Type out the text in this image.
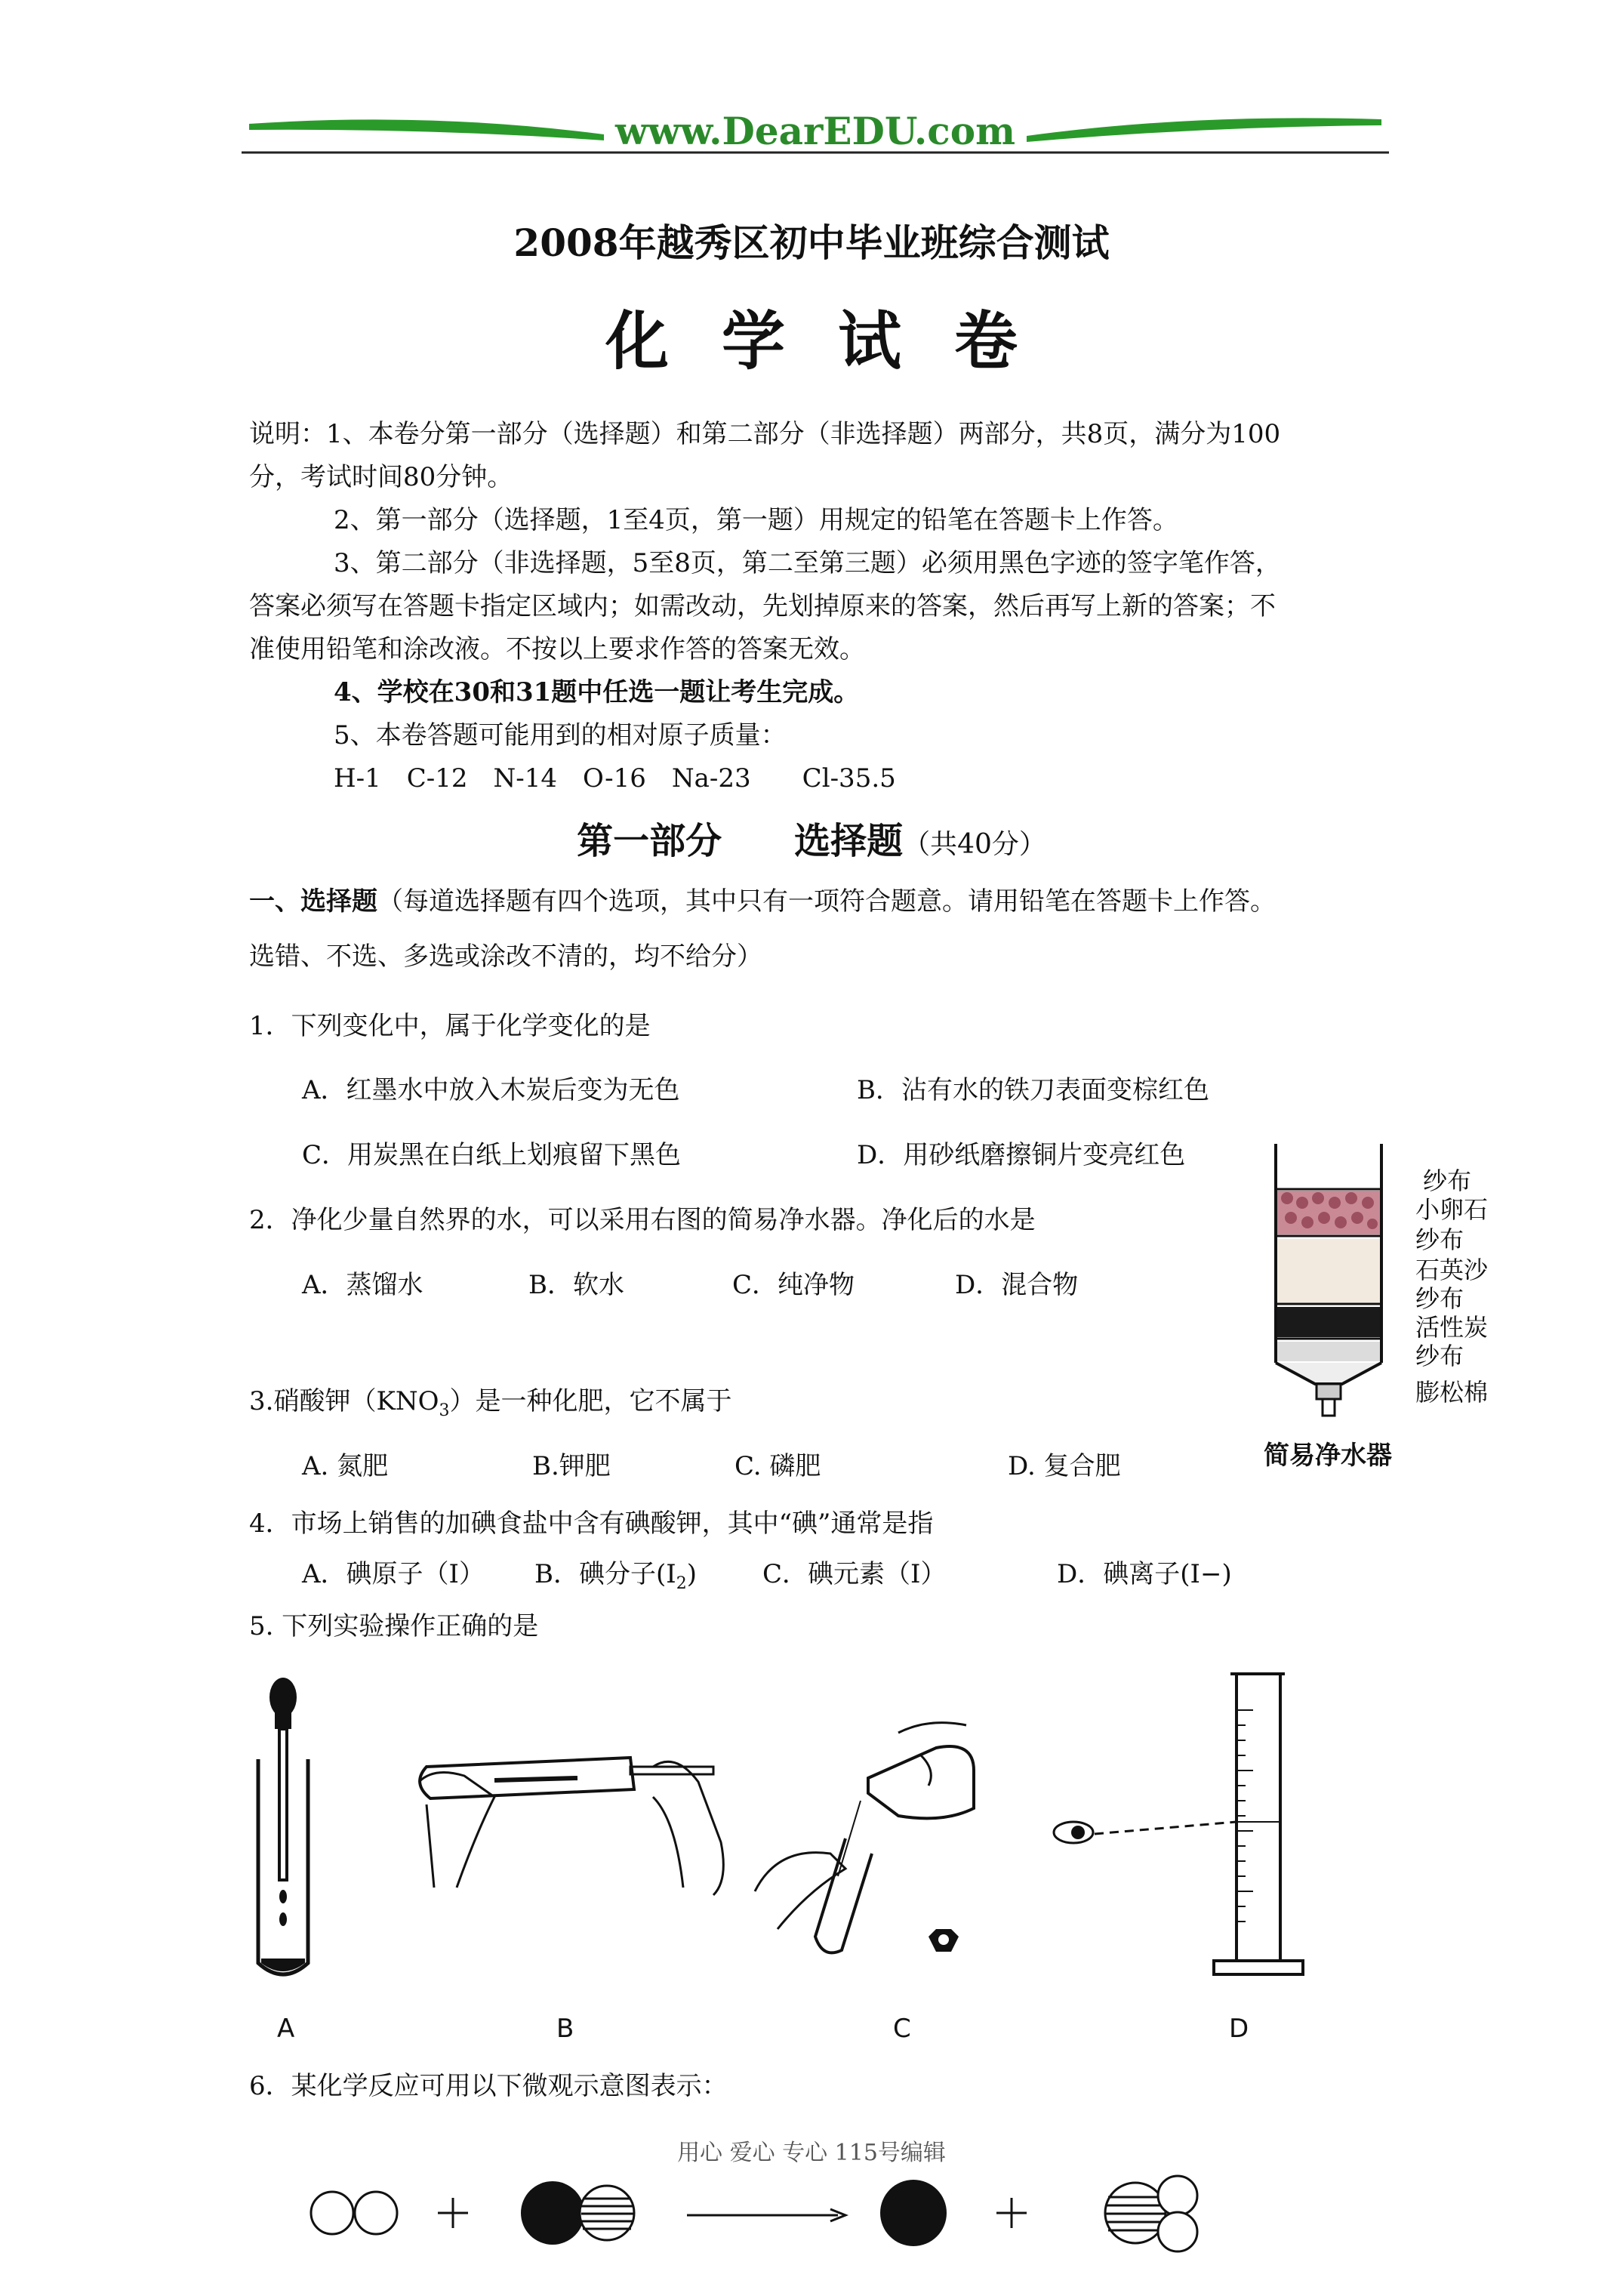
www.DearEDU.com
2008年越秀区初中毕业班综合测试
化学试卷
说明：1、本卷分第一部分（选择题）和第二部分（非选择题）两部分，共8页，满分为100
分，考试时间80分钟。
2、第一部分（选择题，1至4页，第一题）用规定的铅笔在答题卡上作答。
3、第二部分（非选择题，5至8页，第二至第三题）必须用黑色字迹的签字笔作答，
答案必须写在答题卡指定区域内；如需改动，先划掉原来的答案，然后再写上新的答案；不
准使用铅笔和涂改液。不按以上要求作答的答案无效。
4、学校在30和31题中任选一题让考生完成。
5、本卷答题可能用到的相对原子质量：
H-1　C-12　N-14　O-16　Na-23　　Cl-35.5
第一部分　　选择题（共40分）
一、选择题（每道选择题有四个选项，其中只有一项符合题意。请用铅笔在答题卡上作答。
选错、不选、多选或涂改不清的，均不给分）
1．下列变化中，属于化学变化的是
A．红墨水中放入木炭后变为无色	B．沾有水的铁刀表面变棕红色
C．用炭黑在白纸上划痕留下黑色	D．用砂纸磨擦铜片变亮红色
2．净化少量自然界的水，可以采用右图的简易净水器。净化后的水是
A．蒸馏水	B．软水	C．纯净物	D．混合物
纱布
小卵石
纱布
石英沙
纱布
活性炭
纱布
膨松棉
简易净水器
3.硝酸钾$(KNO_3)$是一种化肥，它不属于
A. 氮肥	B.钾肥	C. 磷肥	D. 复合肥
4．市场上销售的加碘食盐中含有碘酸钾，其中“碘”通常是指
A．碘原子（I） B．碘分子$(I_2)$	C．碘元素（I）	D．碘离子(I−)
5. 下列实验操作正确的是
A	B	C	D
6．某化学反应可用以下微观示意图表示：
用心 爱心 专心 115号编辑
